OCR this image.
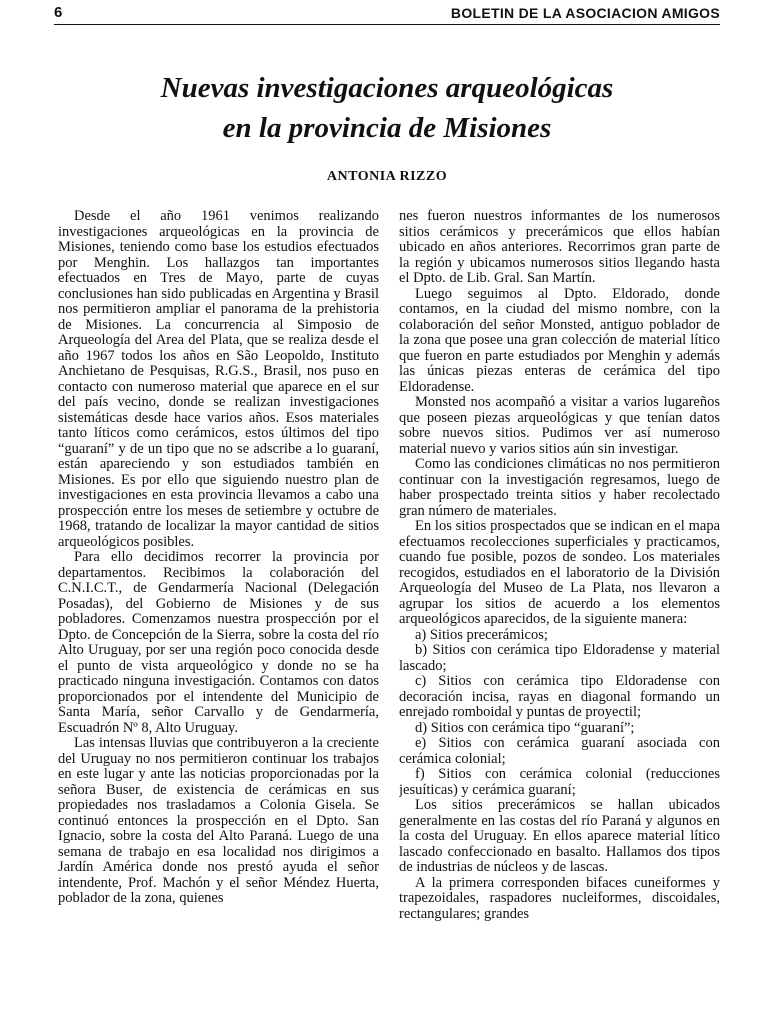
6	BOLETIN DE LA ASOCIACION AMIGOS
Nuevas investigaciones arqueológicas
en la provincia de Misiones
ANTONIA RIZZO

Desde el año 1961 venimos realizando investigaciones arqueológicas en la provincia de Misiones, teniendo como base los estudios efectuados por Menghin. Los hallazgos tan importantes efectuados en Tres de Mayo, parte de cuyas conclusiones han sido publicadas en Argentina y Brasil nos permitieron ampliar el panorama de la prehistoria de Misiones. La concurrencia al Simposio de Arqueología del Area del Plata, que se realiza desde el año 1967 todos los años en São Leopoldo, Instituto Anchietano de Pesquisas, R.G.S., Brasil, nos puso en contacto con numeroso material que aparece en el sur del país vecino, donde se realizan investigaciones sistemáticas desde hace varios años. Esos materiales tanto líticos como cerámicos, estos últimos del tipo “guaraní” y de un tipo que no se adscribe a lo guaraní, están apareciendo y son estudiados también en Misiones. Es por ello que siguiendo nuestro plan de investigaciones en esta provincia llevamos a cabo una prospección entre los meses de setiembre y octubre de 1968, tratando de localizar la mayor cantidad de sitios arqueológicos posibles.

Para ello decidimos recorrer la provincia por departamentos. Recibimos la colaboración del C.N.I.C.T., de Gendarmería Nacional (Delegación Posadas), del Gobierno de Misiones y de sus pobladores. Comenzamos nuestra prospección por el Dpto. de Concepción de la Sierra, sobre la costa del río Alto Uruguay, por ser una región poco conocida desde el punto de vista arqueológico y donde no se ha practicado ninguna investigación. Contamos con datos proporcionados por el intendente del Municipio de Santa María, señor Carvallo y de Gendarmería, Escuadrón Nº 8, Alto Uruguay.

Las intensas lluvias que contribuyeron a la creciente del Uruguay no nos permitieron continuar los trabajos en este lugar y ante las noticias proporcionadas por la señora Buser, de existencia de cerámicas en sus propiedades nos trasladamos a Colonia Gisela. Se continuó entonces la prospección en el Dpto. San Ignacio, sobre la costa del Alto Paraná. Luego de una semana de trabajo en esa localidad nos dirigimos a Jardín América donde nos prestó ayuda el señor intendente, Prof. Machón y el señor Méndez Huerta, poblador de la zona, quienes

nes fueron nuestros informantes de los numerosos sitios cerámicos y precerámicos que ellos habían ubicado en años anteriores. Recorrimos gran parte de la región y ubicamos numerosos sitios llegando hasta el Dpto. de Lib. Gral. San Martín.

Luego seguimos al Dpto. Eldorado, donde contamos, en la ciudad del mismo nombre, con la colaboración del señor Monsted, antiguo poblador de la zona que posee una gran colección de material lítico que fueron en parte estudiados por Menghin y además las únicas piezas enteras de cerámica del tipo Eldoradense.

Monsted nos acompañó a visitar a varios lugareños que poseen piezas arqueológicas y que tenían datos sobre nuevos sitios. Pudimos ver así numeroso material nuevo y varios sitios aún sin investigar.

Como las condiciones climáticas no nos permitieron continuar con la investigación regresamos, luego de haber prospectado treinta sitios y haber recolectado gran número de materiales.

En los sitios prospectados que se indican en el mapa efectuamos recolecciones superficiales y practicamos, cuando fue posible, pozos de sondeo. Los materiales recogidos, estudiados en el laboratorio de la División Arqueología del Museo de La Plata, nos llevaron a agrupar los sitios de acuerdo a los elementos arqueológicos aparecidos, de la siguiente manera:

a) Sitios precerámicos;

b) Sitios con cerámica tipo Eldoradense y material lascado;

c) Sitios con cerámica tipo Eldoradense con decoración incisa, rayas en diagonal formando un enrejado romboidal y puntas de proyectil;

d) Sitios con cerámica tipo “guaraní”;

e) Sitios con cerámica guaraní asociada con cerámica colonial;

f) Sitios con cerámica colonial (reducciones jesuíticas) y cerámica guaraní;

Los sitios precerámicos se hallan ubicados generalmente en las costas del río Paraná y algunos en la costa del Uruguay. En ellos aparece material lítico lascado confeccionado en basalto. Hallamos dos tipos de industrias de núcleos y de lascas.

A la primera corresponden bifaces cuneiformes y trapezoidales, raspadores nucleiformes, discoidales, rectangulares; grandes
